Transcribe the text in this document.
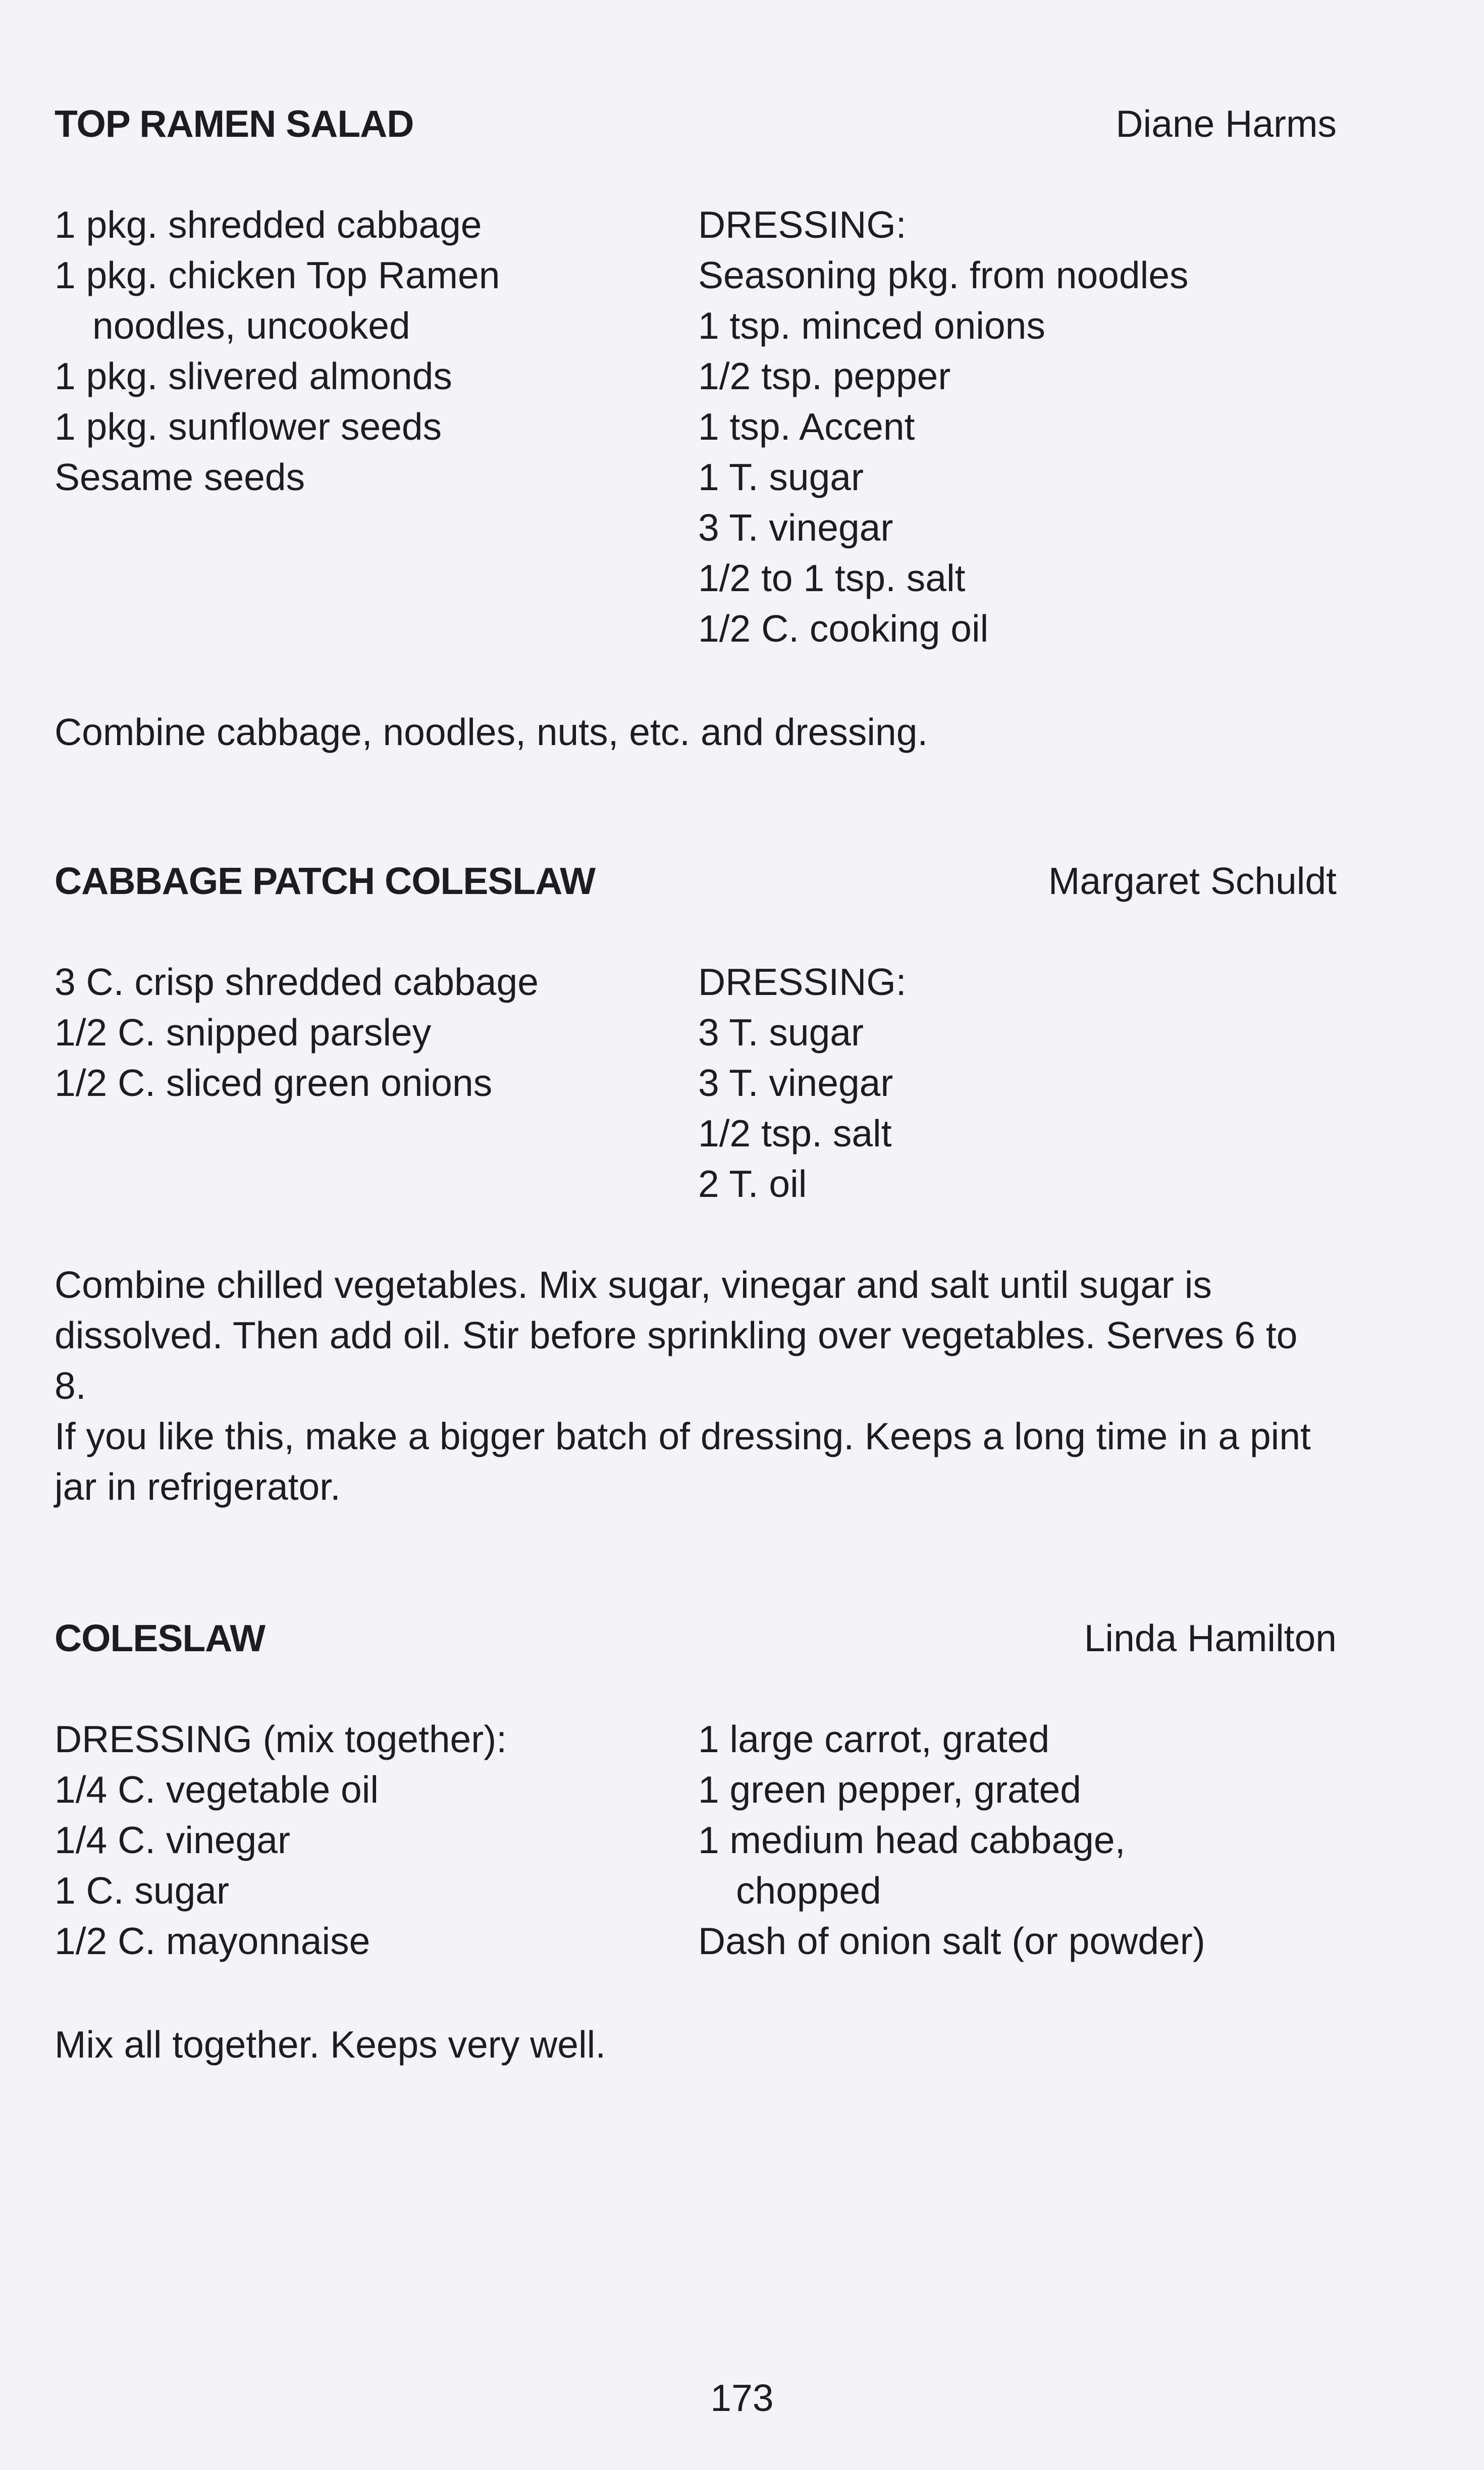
TOP RAMEN SALAD	Diane Harms
1 pkg. shredded cabbage
1 pkg. chicken Top Ramen
noodles, uncooked
1 pkg. slivered almonds
1 pkg. sunflower seeds
Sesame seeds
DRESSING:
Seasoning pkg. from noodles
1 tsp. minced onions
1/2 tsp. pepper
1 tsp. Accent
1 T. sugar
3 T. vinegar
1/2 to 1 tsp. salt
1/2 C. cooking oil

Combine cabbage, noodles, nuts, etc. and dressing.

CABBAGE PATCH COLESLAW	Margaret Schuldt
3 C. crisp shredded cabbage
1/2 C. snipped parsley
1/2 C. sliced green onions
DRESSING:
3 T. sugar
3 T. vinegar
1/2 tsp. salt
2 T. oil

Combine chilled vegetables. Mix sugar, vinegar and salt until sugar is dissolved. Then add oil. Stir before sprinkling over vegetables. Serves 6 to 8.

If you like this, make a bigger batch of dressing. Keeps a long time in a pint jar in refrigerator.

COLESLAW	Linda Hamilton
DRESSING (mix together):
1/4 C. vegetable oil
1/4 C. vinegar
1 C. sugar
1/2 C. mayonnaise
1 large carrot, grated
1 green pepper, grated
1 medium head cabbage,
chopped
Dash of onion salt (or powder)

Mix all together. Keeps very well.

173
